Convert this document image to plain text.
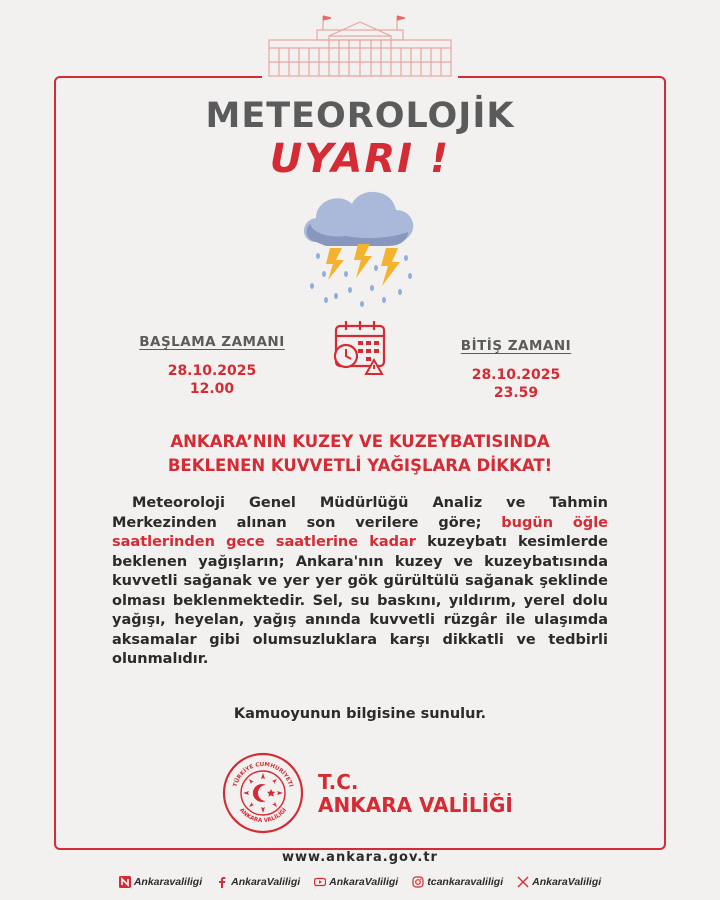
METEOROLOJİK
UYARI !
BAŞLAMA ZAMANI
28.10.2025
12.00
BİTİŞ ZAMANI
28.10.2025
23.59
ANKARA’NIN KUZEY VE KUZEYBATISINDA
BEKLENEN KUVVETLİ YAĞIŞLARA DİKKAT!
Meteoroloji Genel Müdürlüğü Analiz ve Tahmin Merkezinden alınan son verilere göre; bugün öğle saatlerinden gece saatlerine kadar kuzeybatı kesimlerde beklenen yağışların; Ankara'nın kuzey ve kuzeybatısında kuvvetli sağanak ve yer yer gök gürültülü sağanak şeklinde olması beklenmektedir. Sel, su baskını, yıldırım, yerel dolu yağışı, heyelan, yağış anında kuvvetli rüzgâr ile ulaşımda aksamalar gibi olumsuzluklara karşı dikkatli ve tedbirli olunmalıdır.
Kamuoyunun bilgisine sunulur.
TÜRKİYE CUMHURİYETİ
ANKARA VALİLİĞİ
T.C.
ANKARA VALİLİĞİ
www.ankara.gov.tr
Ankaravaliligi	AnkaraValiligi	AnkaraValiligi	tcankaravaliligi	AnkaraValiligi
